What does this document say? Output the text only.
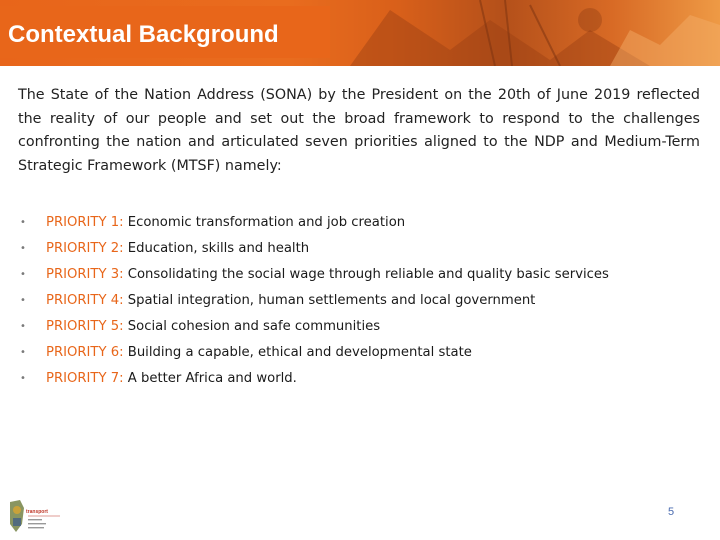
Contextual Background

The State of the Nation Address (SONA) by the President on the 20th of June 2019 reflected the reality of our people and set out the broad framework to respond to the challenges confronting the nation and articulated seven priorities aligned to the NDP and Medium-Term Strategic Framework (MTSF) namely:

• PRIORITY 1: Economic transformation and job creation
• PRIORITY 2: Education, skills and health
• PRIORITY 3: Consolidating the social wage through reliable and quality basic services
• PRIORITY 4: Spatial integration, human settlements and local government
• PRIORITY 5: Social cohesion and safe communities
• PRIORITY 6: Building a capable, ethical and developmental state
• PRIORITY 7: A better Africa and world.
transport	5
